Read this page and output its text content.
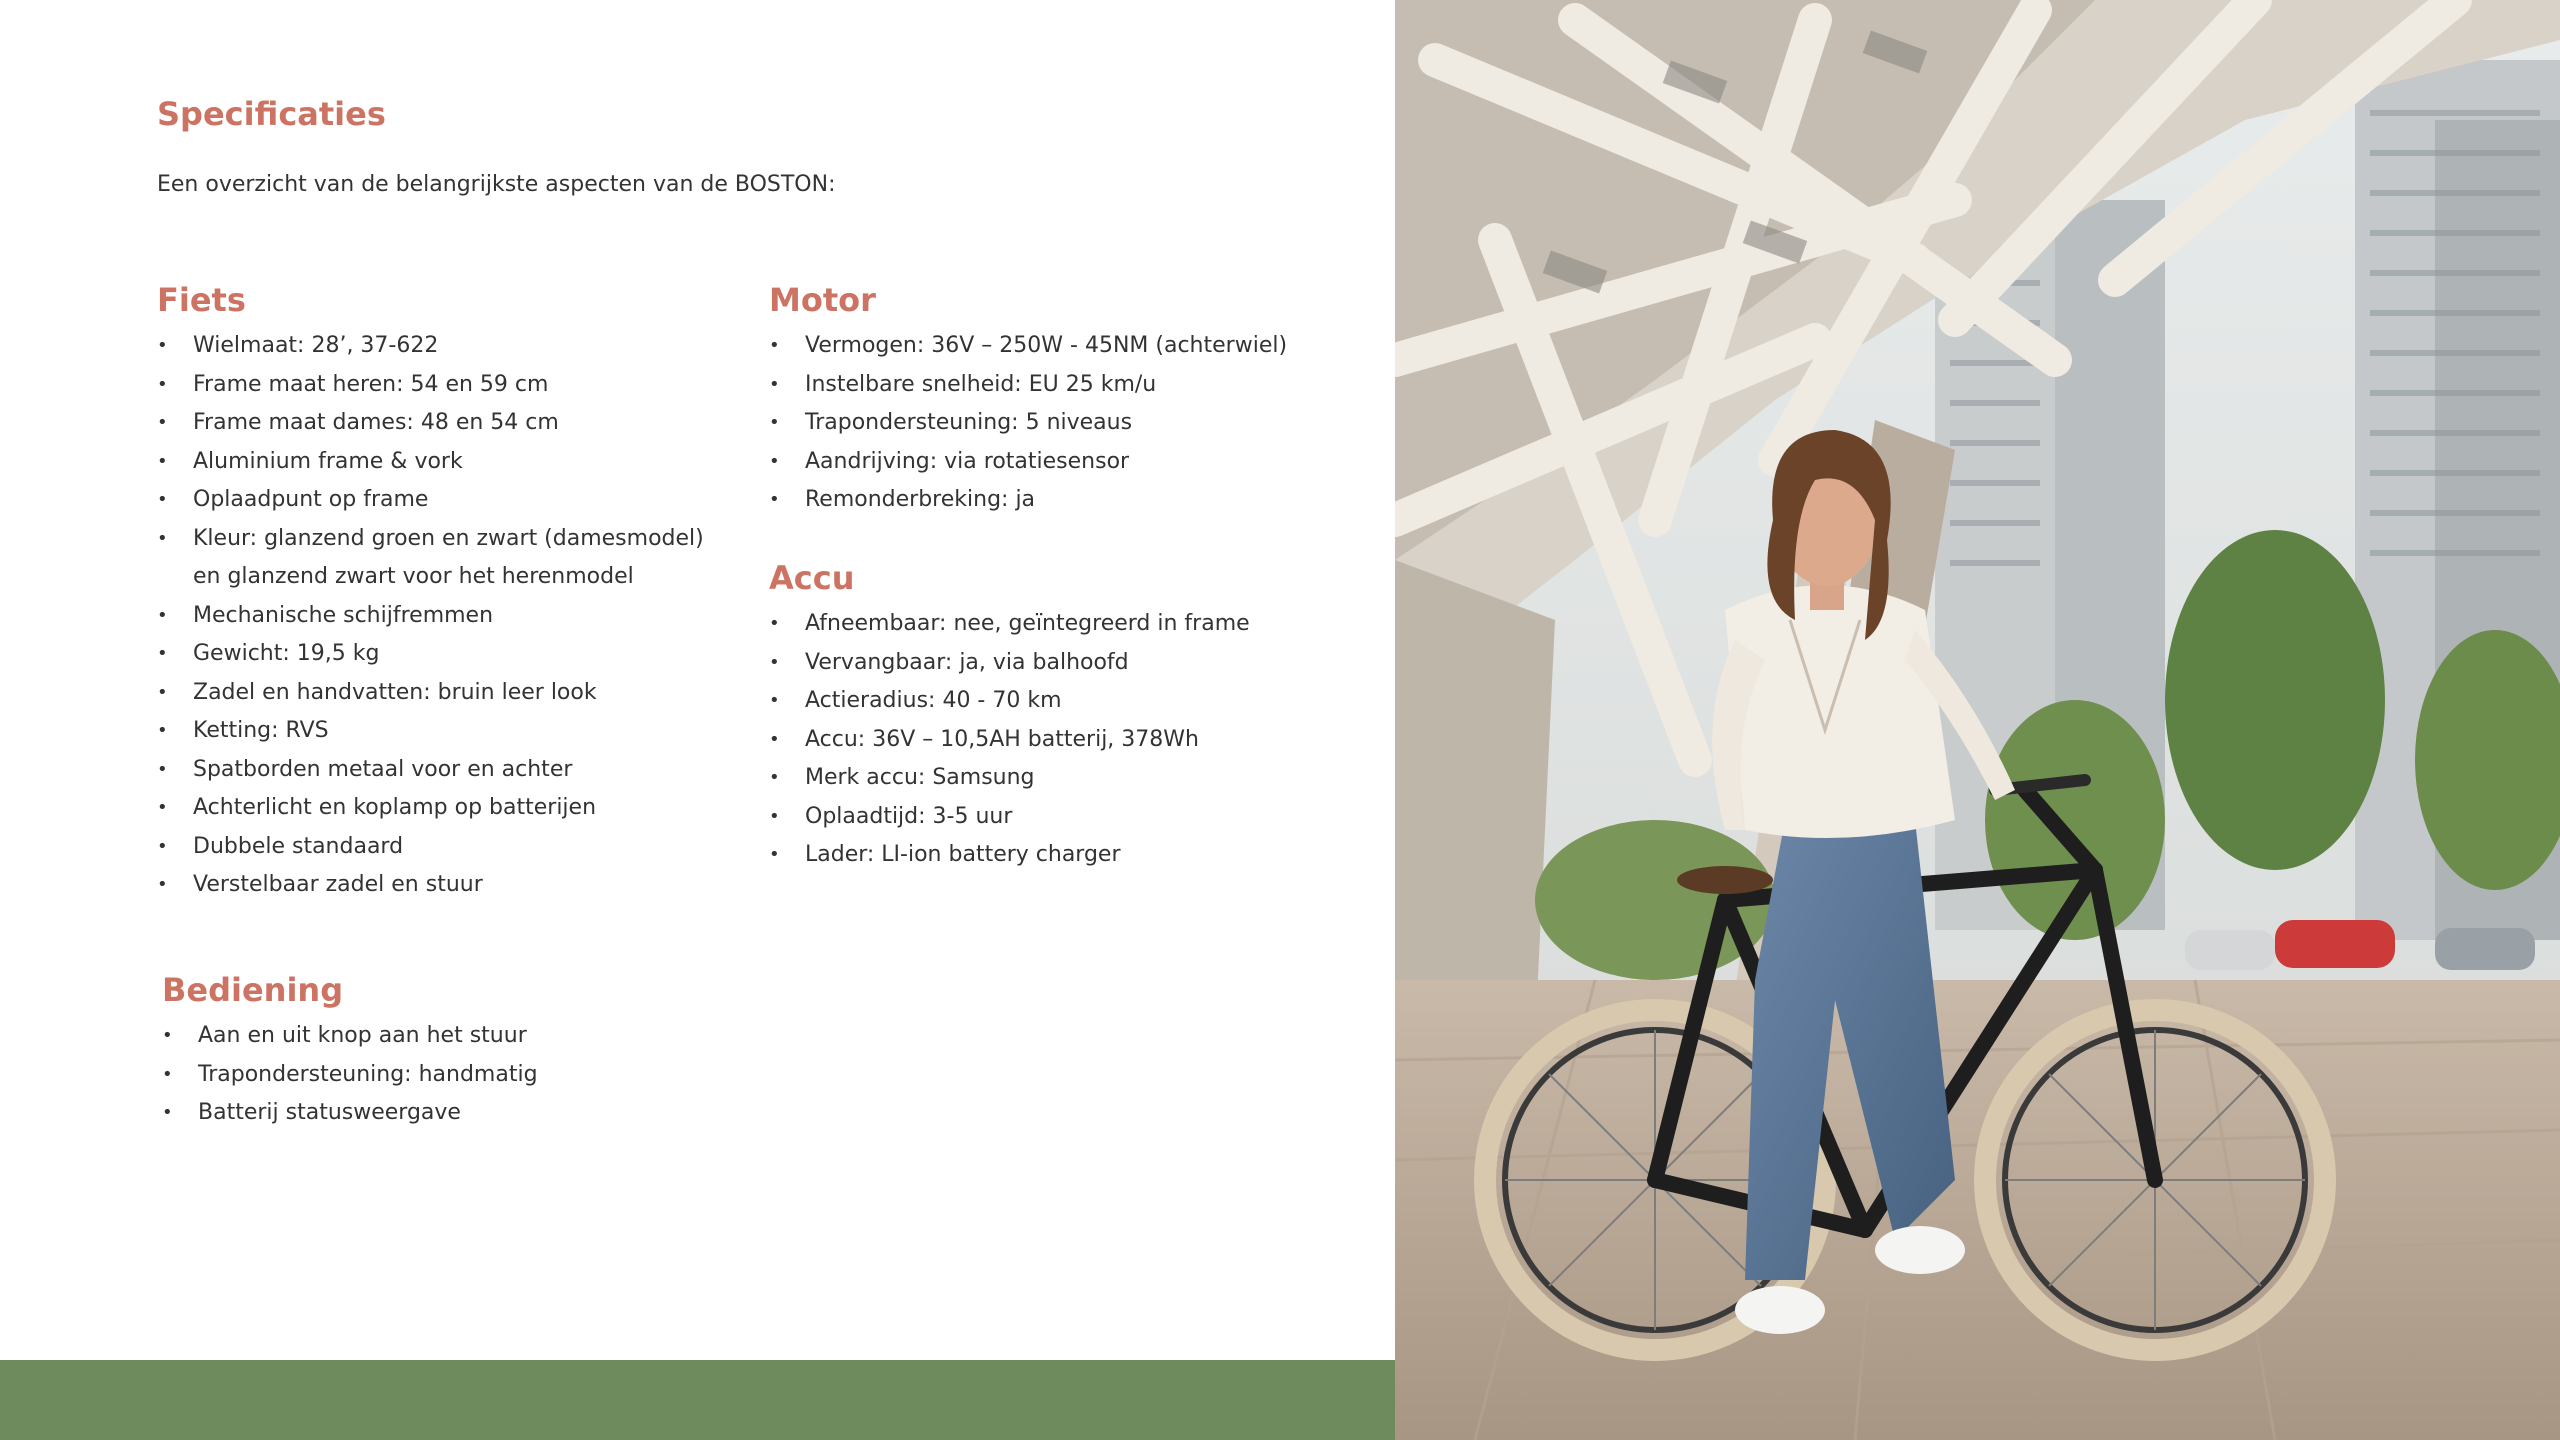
Specificaties

Een overzicht van de belangrijkste aspecten van de BOSTON:

Fiets
• Wielmaat: 28’, 37-622
• Frame maat heren: 54 en 59 cm
• Frame maat dames: 48 en 54 cm
• Aluminium frame & vork
• Oplaadpunt op frame
• Kleur: glanzend groen en zwart (damesmodel)
en glanzend zwart voor het herenmodel
• Mechanische schijfremmen
• Gewicht: 19,5 kg
• Zadel en handvatten: bruin leer look
• Ketting: RVS
• Spatborden metaal voor en achter
• Achterlicht en koplamp op batterijen
• Dubbele standaard
• Verstelbaar zadel en stuur
Motor
• Vermogen: 36V – 250W - 45NM (achterwiel)
• Instelbare snelheid: EU 25 km/u
• Trapondersteuning: 5 niveaus
• Aandrijving: via rotatiesensor
• Remonderbreking: ja
Accu
• Afneembaar: nee, geïntegreerd in frame
• Vervangbaar: ja, via balhoofd
• Actieradius: 40 - 70 km
• Accu: 36V – 10,5AH batterij, 378Wh
• Merk accu: Samsung
• Oplaadtijd: 3-5 uur
• Lader: LI-ion battery charger
Bediening
• Aan en uit knop aan het stuur
• Trapondersteuning: handmatig
• Batterij statusweergave
